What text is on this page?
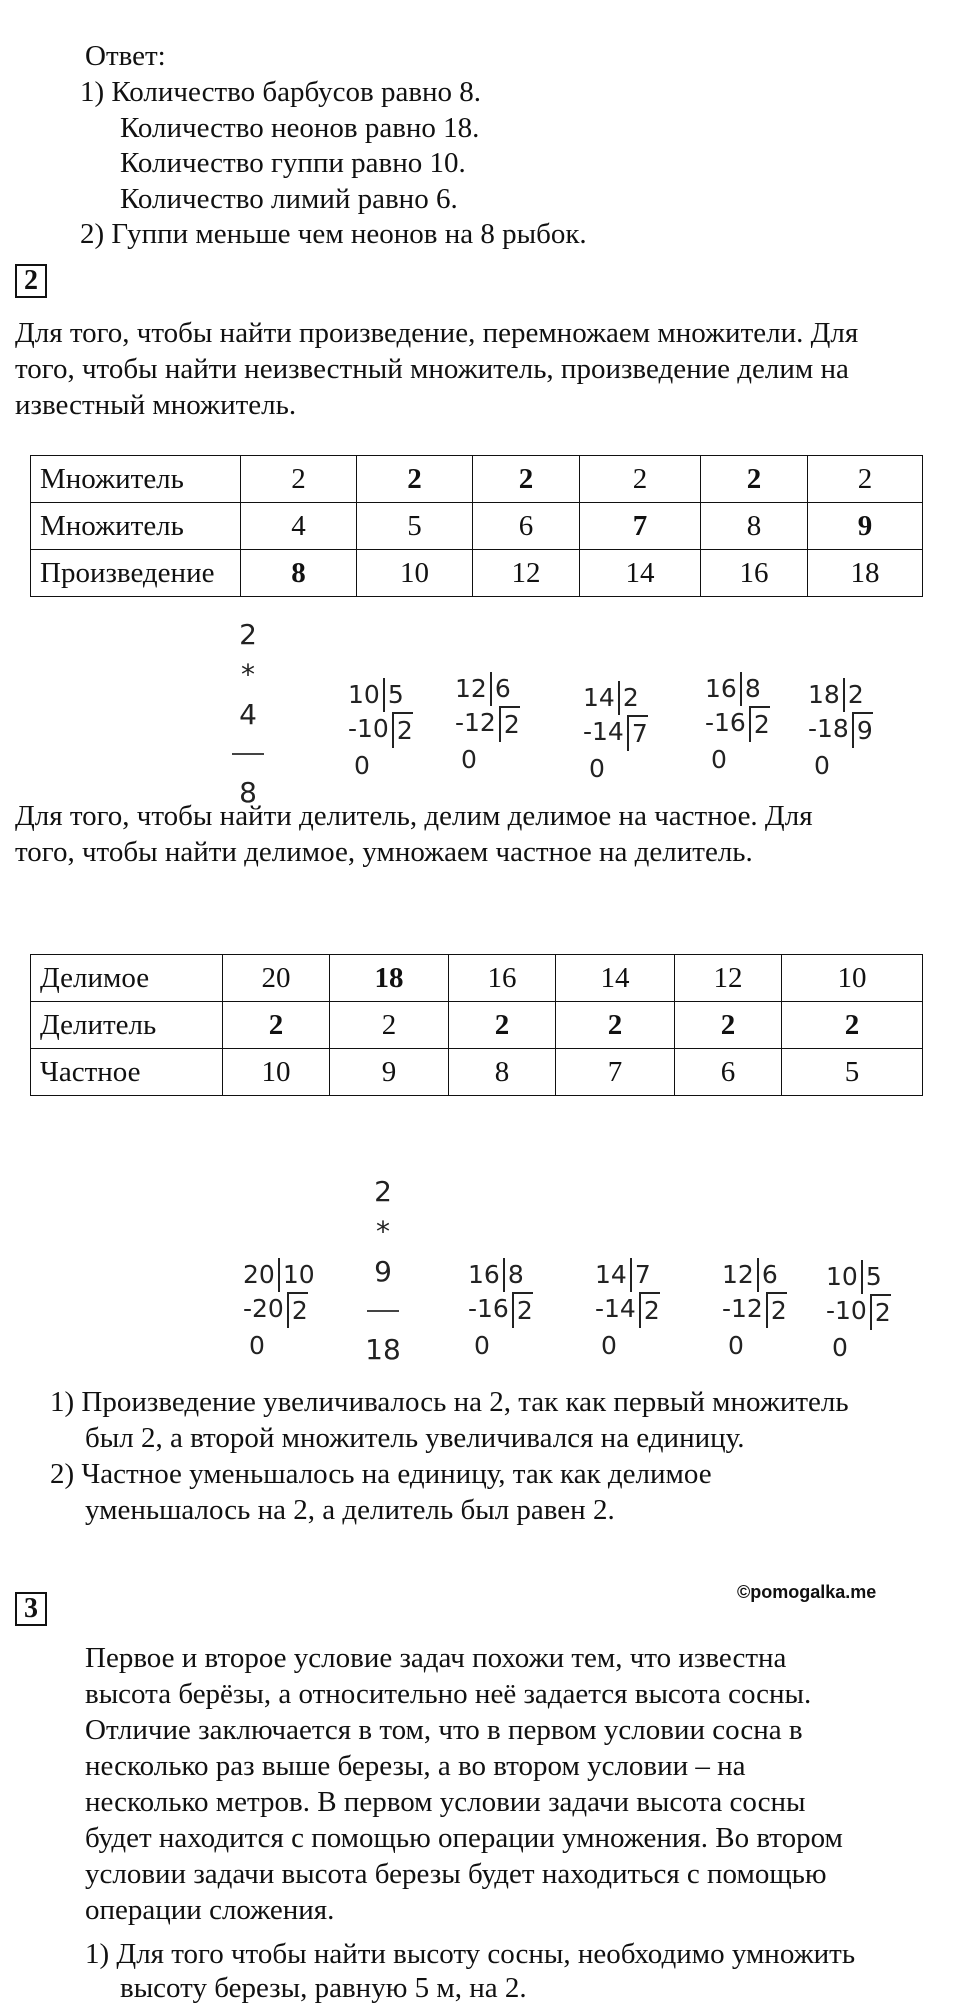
Ответ:
1) Количество барбусов равно 8.
Количество неонов равно 18.
Количество гуппи равно 10.
Количество лимий равно 6.
2) Гуппи меньше чем неонов на 8 рыбок.
2
Для того, чтобы найти произведение, перемножаем множители. Для
того, чтобы найти неизвестный множитель, произведение делим на
известный множитель.
Множитель	2	2	2	2	2	2
Множитель	4	5	6	7	8	9
Произведение	8	10	12	14	16	18
2
*
4
8
10 5
-10 2
0
12 6
-12 2
0
14 2
-14 7
0
16 8
-16 2
0
18 2
-18 9
0
Для того, чтобы найти делитель, делим делимое на частное. Для
того, чтобы найти делимое, умножаем частное на делитель.
Делимое	20	18	16	14	12	10
Делитель	2	2	2	2	2	2
Частное	10	9	8	7	6	5
20 10
-20 2
0
2
*
9
18
16 8
-16 2
0
14 7
-14 2
0
12 6
-12 2
0
10 5
-10 2
0
1) Произведение увеличивалось на 2, так как первый множитель
был 2, а второй множитель увеличивался на единицу.
2) Частное уменьшалось на единицу, так как делимое
уменьшалось на 2, а делитель был равен 2.
3
©pomogalka.me
Первое и второе условие задач похожи тем, что известна
высота берёзы, а относительно неё задается высота сосны.
Отличие заключается в том, что в первом условии сосна в
несколько раз выше березы, а во втором условии – на
несколько метров. В первом условии задачи высота сосны
будет находится с помощью операции умножения. Во втором
условии задачи высота березы будет находиться с помощью
операции сложения.
1) Для того чтобы найти высоту сосны, необходимо умножить
высоту березы, равную 5 м, на 2.
